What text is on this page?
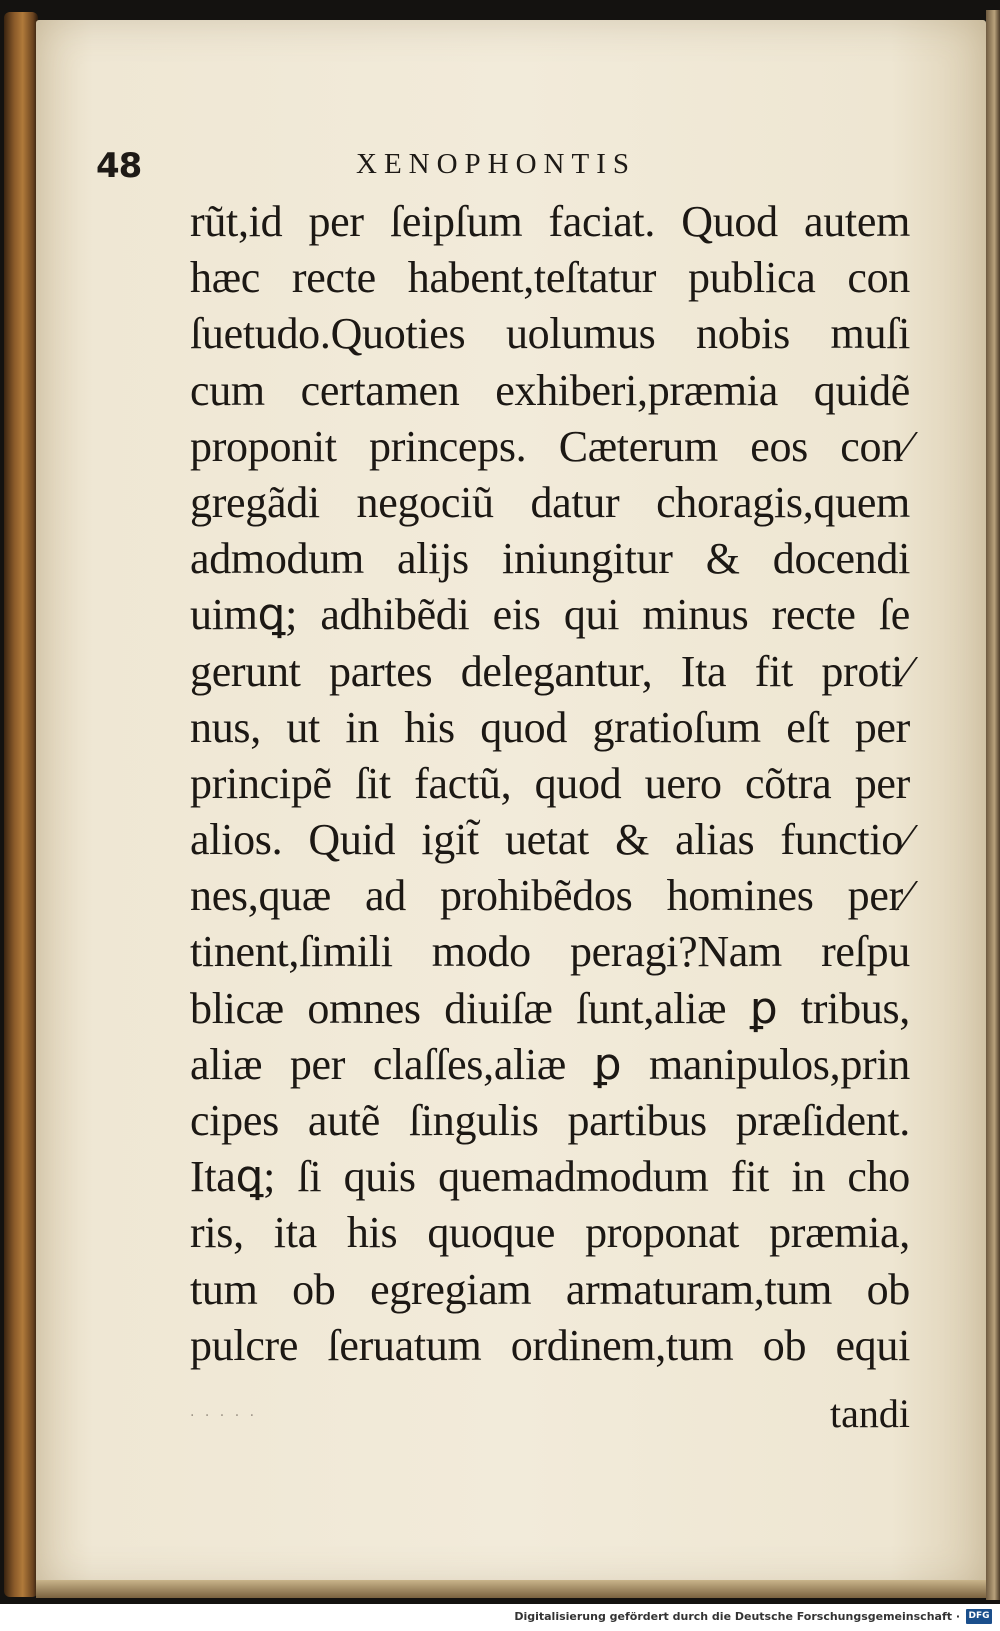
48	XENOPHONTIS
rũt,id per ſeipſum faciat. Quod autem
hæc recte habent,teſtatur publica con
ſuetudo.Quoties uolumus nobis muſi
cum certamen exhiberi,præmia quidẽ
proponit princeps. Cæterum eos con⁄
gregãdi negociũ datur choragis,quem
admodum alijs iniungitur & docendi
uimꝗ; adhibẽdi eis qui minus recte ſe
gerunt partes delegantur, Ita fit proti⁄
nus, ut in his quod gratioſum eſt per
principẽ ſit factũ, quod uero cõtra per
alios. Quid igit̃ uetat & alias functio⁄
nes,quæ ad prohibẽdos homines per⁄
tinent,ſimili modo peragi?Nam reſpu
blicæ omnes diuiſæ ſunt,aliæ ꝑ tribus,
aliæ per claſſes,aliæ ꝑ manipulos,prin
cipes autẽ ſingulis partibus præſident.
Itaꝗ; ſi quis quemadmodum fit in cho
ris, ita his quoque proponat præmia,
tum ob egregiam armaturam,tum ob
pulcre ſeruatum ordinem,tum ob equi
· · · · ·	tandi
Digitalisierung gefördert durch die Deutsche Forschungsgemeinschaft · DFG
